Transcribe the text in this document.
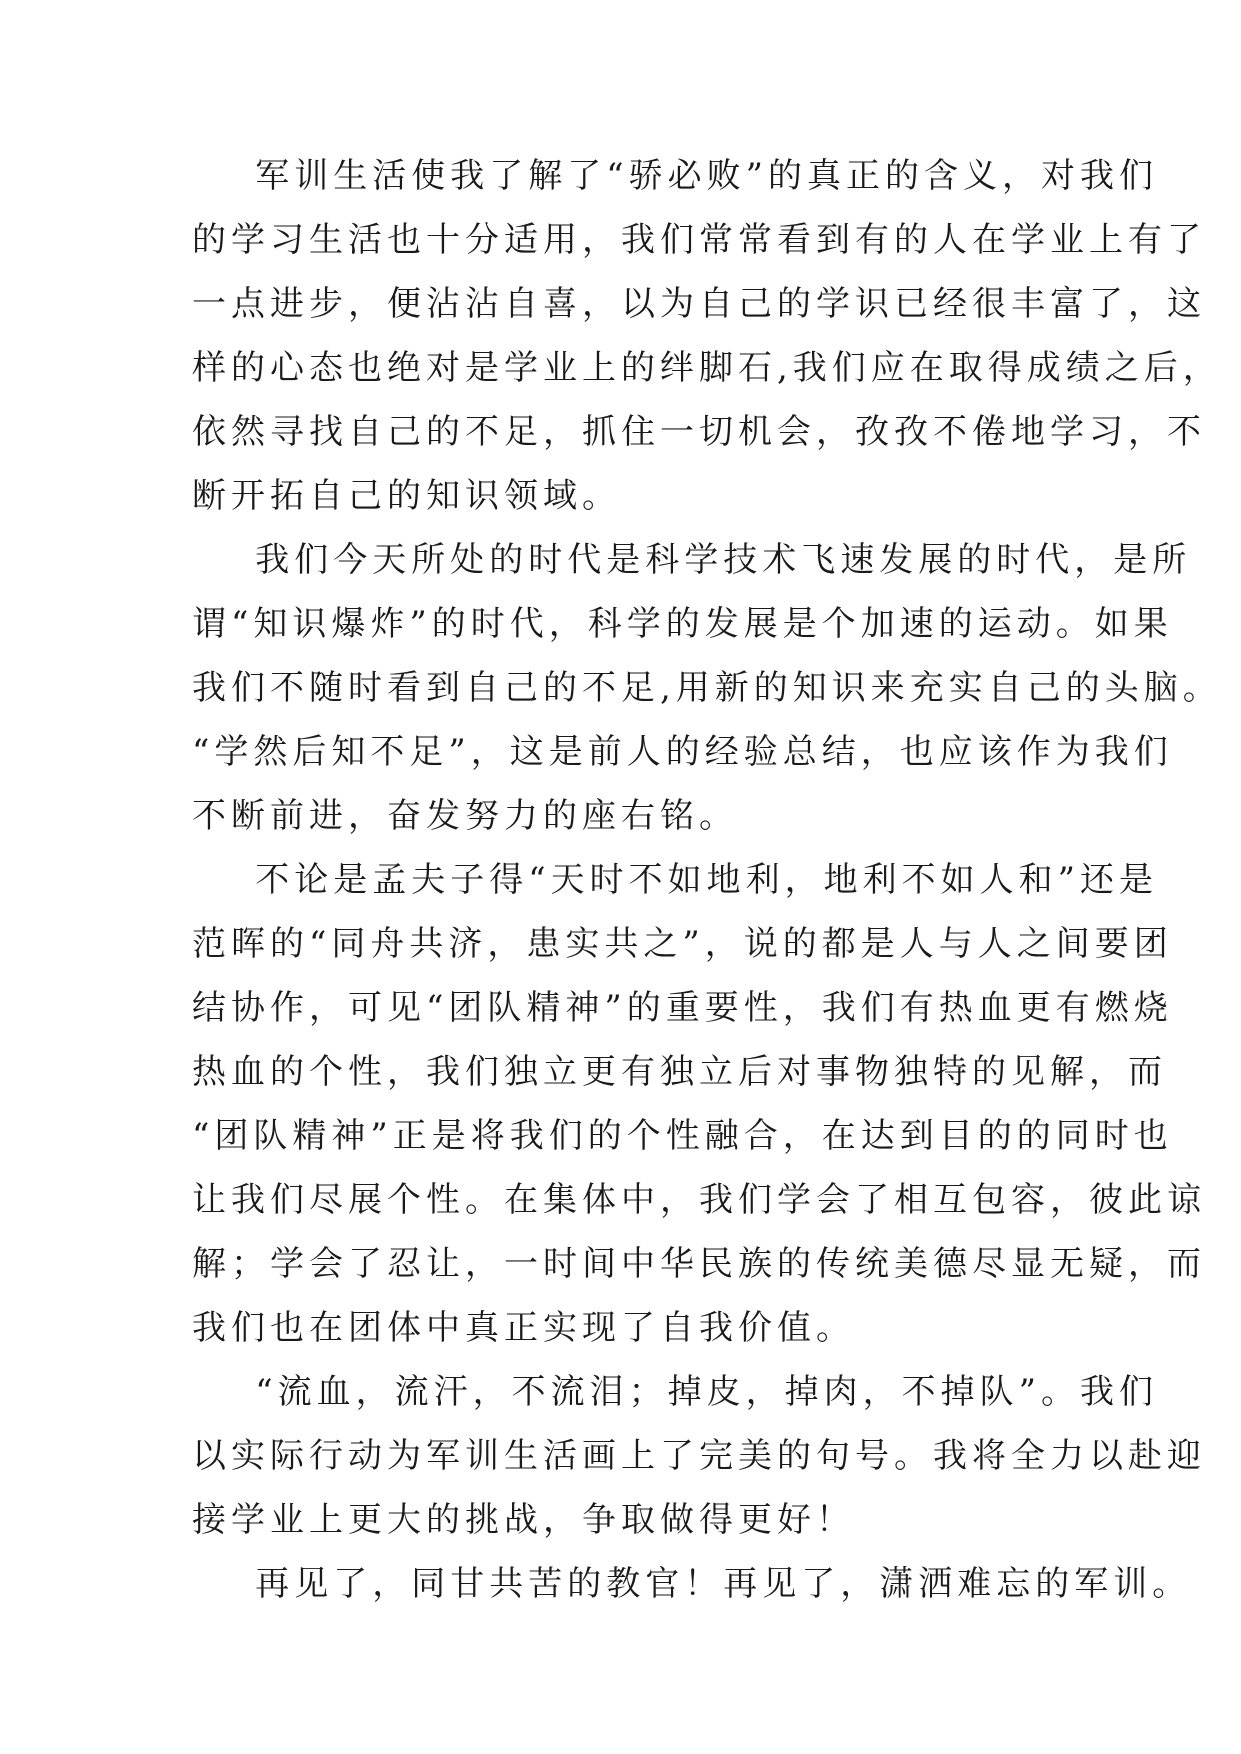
军训生活使我了解了“骄必败”的真正的含义，对我们
的学习生活也十分适用，我们常常看到有的人在学业上有了
一点进步，便沾沾自喜，以为自己的学识已经很丰富了，这
样的心态也绝对是学业上的绊脚石,我们应在取得成绩之后，
依然寻找自己的不足，抓住一切机会，孜孜不倦地学习，不
断开拓自己的知识领域。
我们今天所处的时代是科学技术飞速发展的时代，是所
谓“知识爆炸”的时代，科学的发展是个加速的运动。如果
我们不随时看到自己的不足,用新的知识来充实自己的头脑。
“学然后知不足”，这是前人的经验总结，也应该作为我们
不断前进，奋发努力的座右铭。
不论是孟夫子得“天时不如地利，地利不如人和”还是
范晖的“同舟共济，患实共之”，说的都是人与人之间要团
结协作，可见“团队精神”的重要性，我们有热血更有燃烧
热血的个性，我们独立更有独立后对事物独特的见解，而
“团队精神”正是将我们的个性融合，在达到目的的同时也
让我们尽展个性。在集体中，我们学会了相互包容，彼此谅
解；学会了忍让，一时间中华民族的传统美德尽显无疑，而
我们也在团体中真正实现了自我价值。
“流血，流汗，不流泪；掉皮，掉肉，不掉队”。我们
以实际行动为军训生活画上了完美的句号。我将全力以赴迎
接学业上更大的挑战，争取做得更好！
再见了，同甘共苦的教官！再见了，潇洒难忘的军训。
